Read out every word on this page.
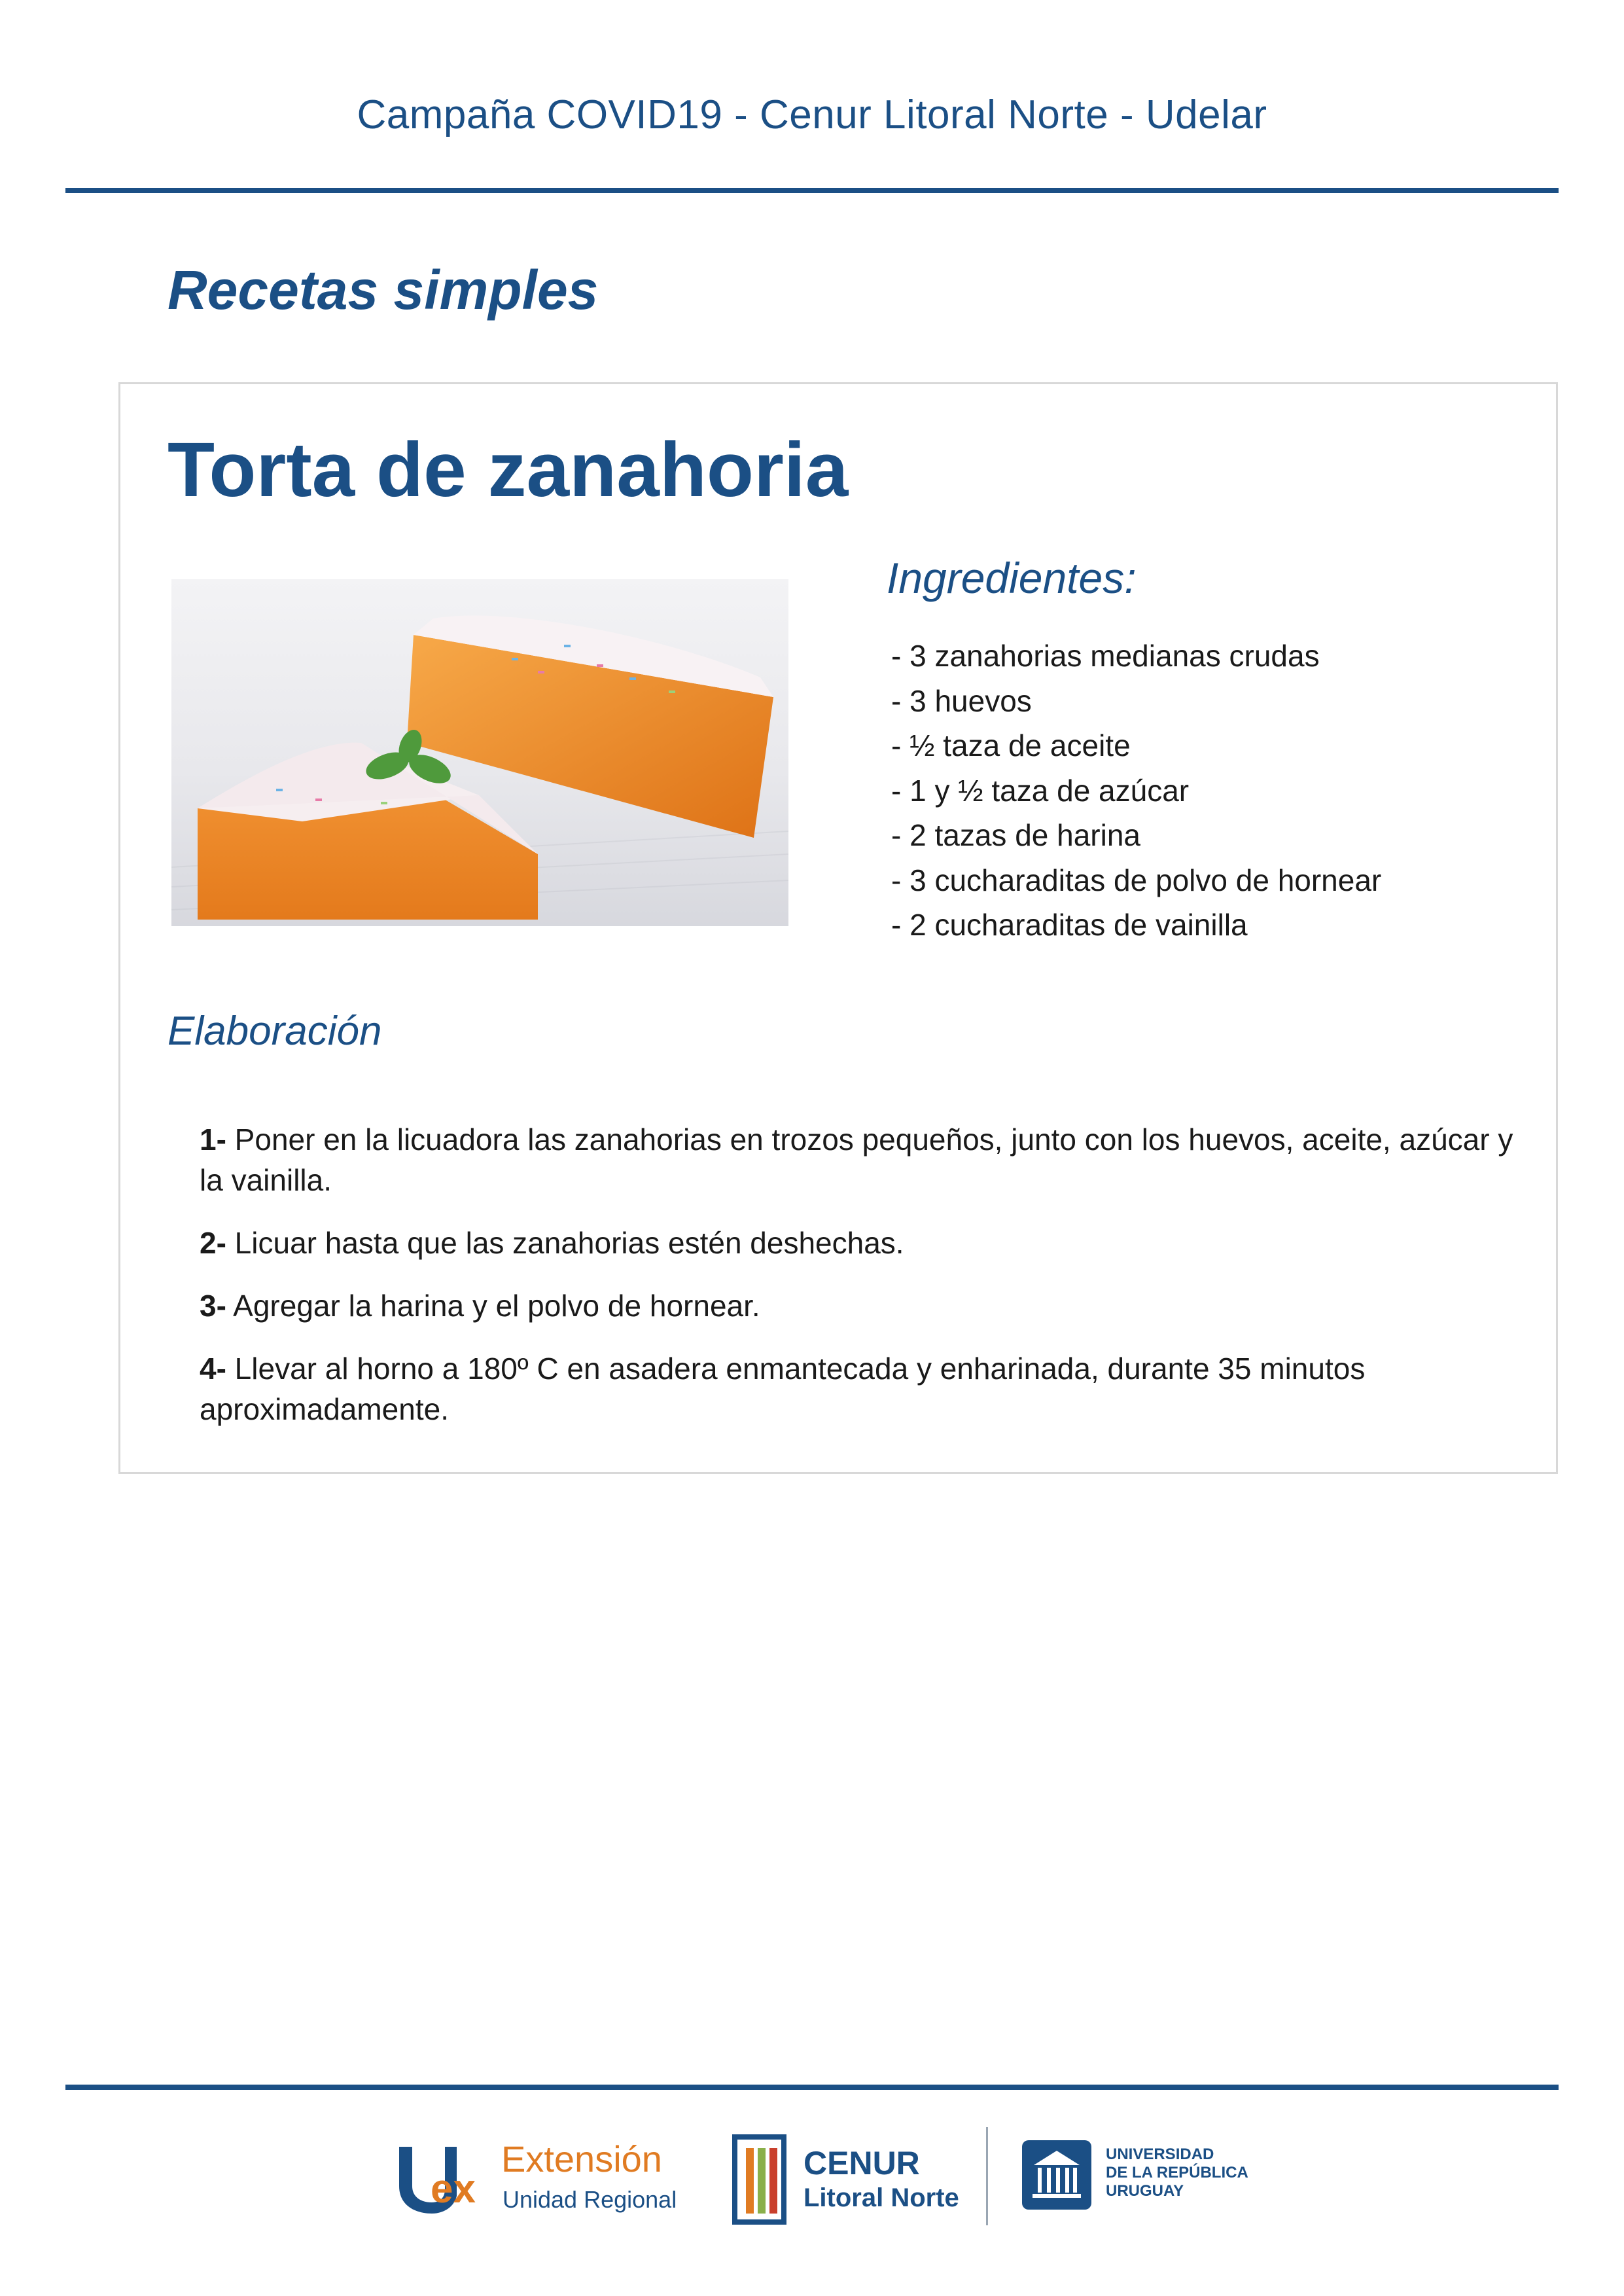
Campaña COVID19 - Cenur Litoral Norte - Udelar
Recetas simples
Torta de zanahoria
Ingredientes:
- 3 zanahorias medianas crudas
- 3 huevos
- ½ taza de aceite
- 1 y ½ taza de azúcar
- 2 tazas de harina
- 3 cucharaditas de polvo de hornear
- 2 cucharaditas de vainilla
Elaboración

1- Poner en la licuadora las zanahorias en trozos pequeños, junto con los huevos, aceite, azúcar y la vainilla.

2- Licuar hasta que las zanahorias estén deshechas.

3- Agregar la harina y el polvo de hornear.

4- Llevar al horno a 180º C en asadera enmantecada y enharinada, durante 35 minutos aproximadamente.

ex
Extensión
Unidad Regional
CENUR
Litoral Norte
UNIVERSIDAD
DE LA REPÚBLICA
URUGUAY
